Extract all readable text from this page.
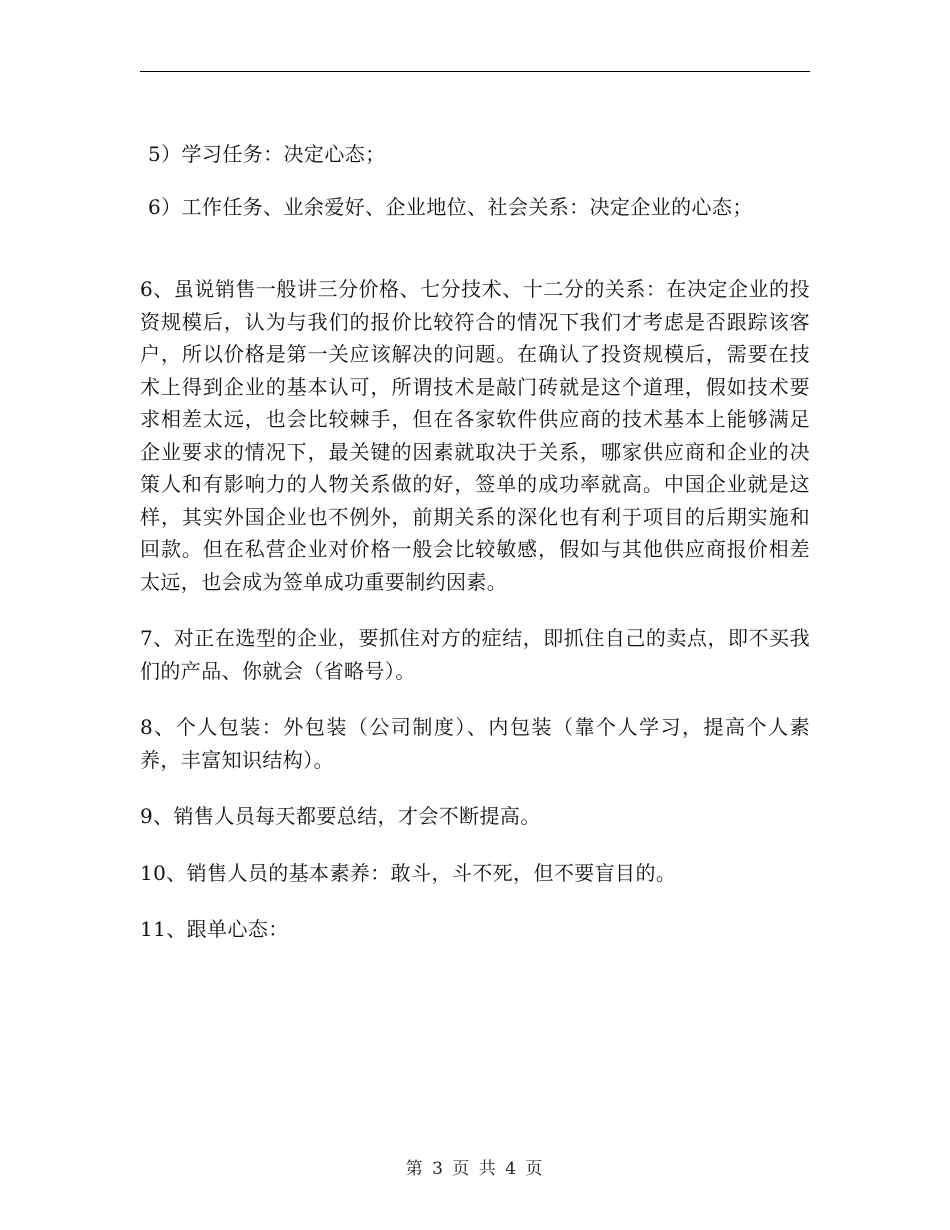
5）学习任务：决定心态；

6）工作任务、业余爱好、企业地位、社会关系：决定企业的心态；

6、虽说销售一般讲三分价格、七分技术、十二分的关系：在决定企业的投资规模后，认为与我们的报价比较符合的情况下我们才考虑是否跟踪该客户，所以价格是第一关应该解决的问题。在确认了投资规模后，需要在技术上得到企业的基本认可，所谓技术是敲门砖就是这个道理，假如技术要求相差太远，也会比较棘手，但在各家软件供应商的技术基本上能够满足企业要求的情况下，最关键的因素就取决于关系，哪家供应商和企业的决策人和有影响力的人物关系做的好，签单的成功率就高。中国企业就是这样，其实外国企业也不例外，前期关系的深化也有利于项目的后期实施和回款。但在私营企业对价格一般会比较敏感，假如与其他供应商报价相差太远，也会成为签单成功重要制约因素。

7、对正在选型的企业，要抓住对方的症结，即抓住自己的卖点，即不买我们的产品、你就会（省略号）。

8、个人包装：外包装（公司制度）、内包装（靠个人学习，提高个人素养，丰富知识结构）。

9、销售人员每天都要总结，才会不断提高。

10、销售人员的基本素养：敢斗，斗不死，但不要盲目的。

11、跟单心态：

第 3 页 共 4 页
